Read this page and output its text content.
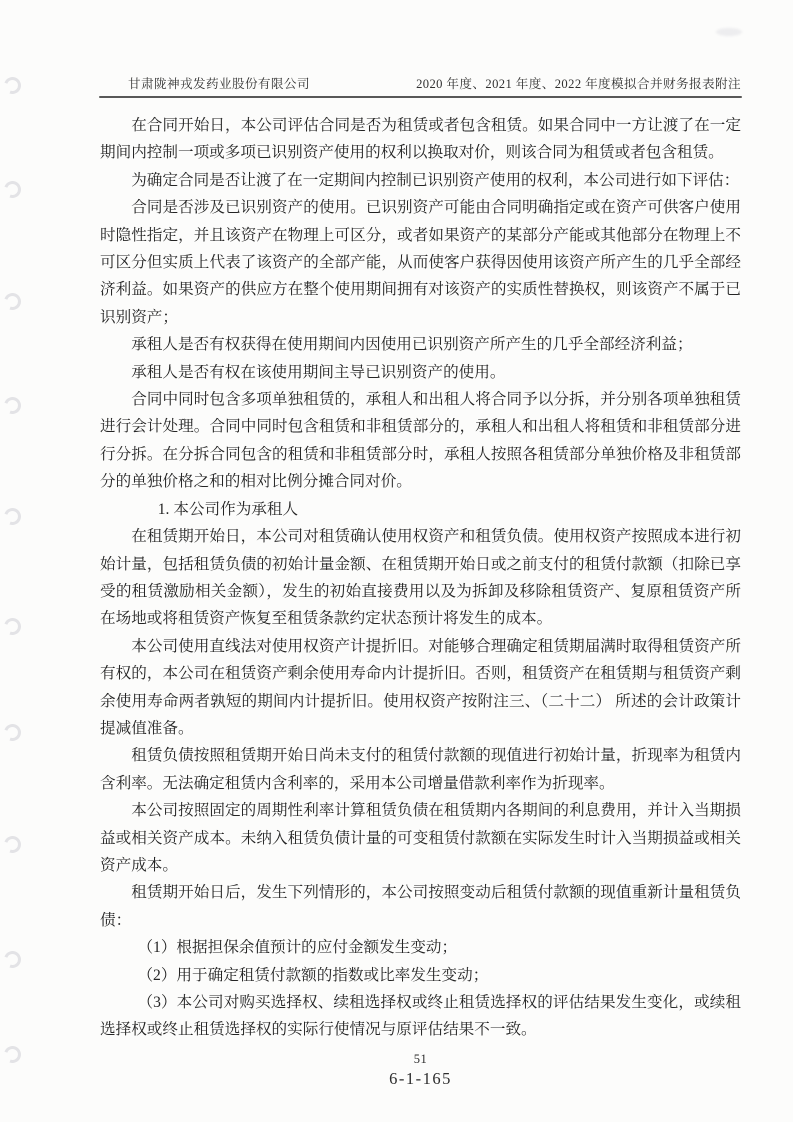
甘肃陇神戎发药业股份有限公司	2020 年度、2021 年度、2022 年度模拟合并财务报表附注

在合同开始日，本公司评估合同是否为租赁或者包含租赁。如果合同中一方让渡了在一定期间内控制一项或多项已识别资产使用的权利以换取对价，则该合同为租赁或者包含租赁。

为确定合同是否让渡了在一定期间内控制已识别资产使用的权利，本公司进行如下评估：

合同是否涉及已识别资产的使用。已识别资产可能由合同明确指定或在资产可供客户使用时隐性指定，并且该资产在物理上可区分，或者如果资产的某部分产能或其他部分在物理上不可区分但实质上代表了该资产的全部产能，从而使客户获得因使用该资产所产生的几乎全部经济利益。如果资产的供应方在整个使用期间拥有对该资产的实质性替换权，则该资产不属于已识别资产；

承租人是否有权获得在使用期间内因使用已识别资产所产生的几乎全部经济利益；

承租人是否有权在该使用期间主导已识别资产的使用。

合同中同时包含多项单独租赁的，承租人和出租人将合同予以分拆，并分别各项单独租赁进行会计处理。合同中同时包含租赁和非租赁部分的，承租人和出租人将租赁和非租赁部分进行分拆。在分拆合同包含的租赁和非租赁部分时，承租人按照各租赁部分单独价格及非租赁部分的单独价格之和的相对比例分摊合同对价。

1. 本公司作为承租人

在租赁期开始日，本公司对租赁确认使用权资产和租赁负债。使用权资产按照成本进行初始计量，包括租赁负债的初始计量金额、在租赁期开始日或之前支付的租赁付款额（扣除已享受的租赁激励相关金额），发生的初始直接费用以及为拆卸及移除租赁资产、复原租赁资产所在场地或将租赁资产恢复至租赁条款约定状态预计将发生的成本。

本公司使用直线法对使用权资产计提折旧。对能够合理确定租赁期届满时取得租赁资产所有权的，本公司在租赁资产剩余使用寿命内计提折旧。否则，租赁资产在租赁期与租赁资产剩余使用寿命两者孰短的期间内计提折旧。使用权资产按附注三、（二十二） 所述的会计政策计提减值准备。

租赁负债按照租赁期开始日尚未支付的租赁付款额的现值进行初始计量，折现率为租赁内含利率。无法确定租赁内含利率的，采用本公司增量借款利率作为折现率。

本公司按照固定的周期性利率计算租赁负债在租赁期内各期间的利息费用，并计入当期损益或相关资产成本。未纳入租赁负债计量的可变租赁付款额在实际发生时计入当期损益或相关资产成本。

租赁期开始日后，发生下列情形的，本公司按照变动后租赁付款额的现值重新计量租赁负债：

（1）根据担保余值预计的应付金额发生变动；

（2）用于确定租赁付款额的指数或比率发生变动；

（3）本公司对购买选择权、续租选择权或终止租赁选择权的评估结果发生变化，或续租选择权或终止租赁选择权的实际行使情况与原评估结果不一致。

51
6-1-165
